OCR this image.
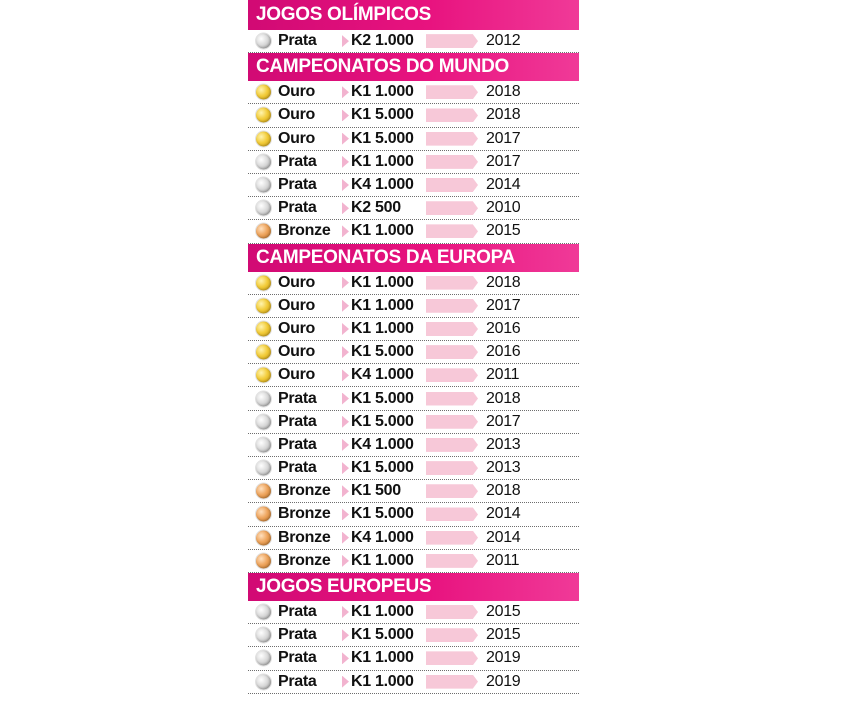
JOGOS OLÍMPICOS
Prata K2 1.000	2012
CAMPEONATOS DO MUNDO
Ouro K1 1.000	2018
Ouro K1 5.000	2018
Ouro K1 5.000	2017
Prata K1 1.000	2017
Prata K4 1.000	2014
Prata K2 500	2010
Bronze K1 1.000	2015
CAMPEONATOS DA EUROPA
Ouro K1 1.000	2018
Ouro K1 1.000	2017
Ouro K1 1.000	2016
Ouro K1 5.000	2016
Ouro K4 1.000	2011
Prata K1 5.000	2018
Prata K1 5.000	2017
Prata K4 1.000	2013
Prata K1 5.000	2013
Bronze K1 500	2018
Bronze K1 5.000	2014
Bronze K4 1.000	2014
Bronze K1 1.000	2011
JOGOS EUROPEUS
Prata K1 1.000	2015
Prata K1 5.000	2015
Prata K1 1.000	2019
Prata K1 1.000	2019
